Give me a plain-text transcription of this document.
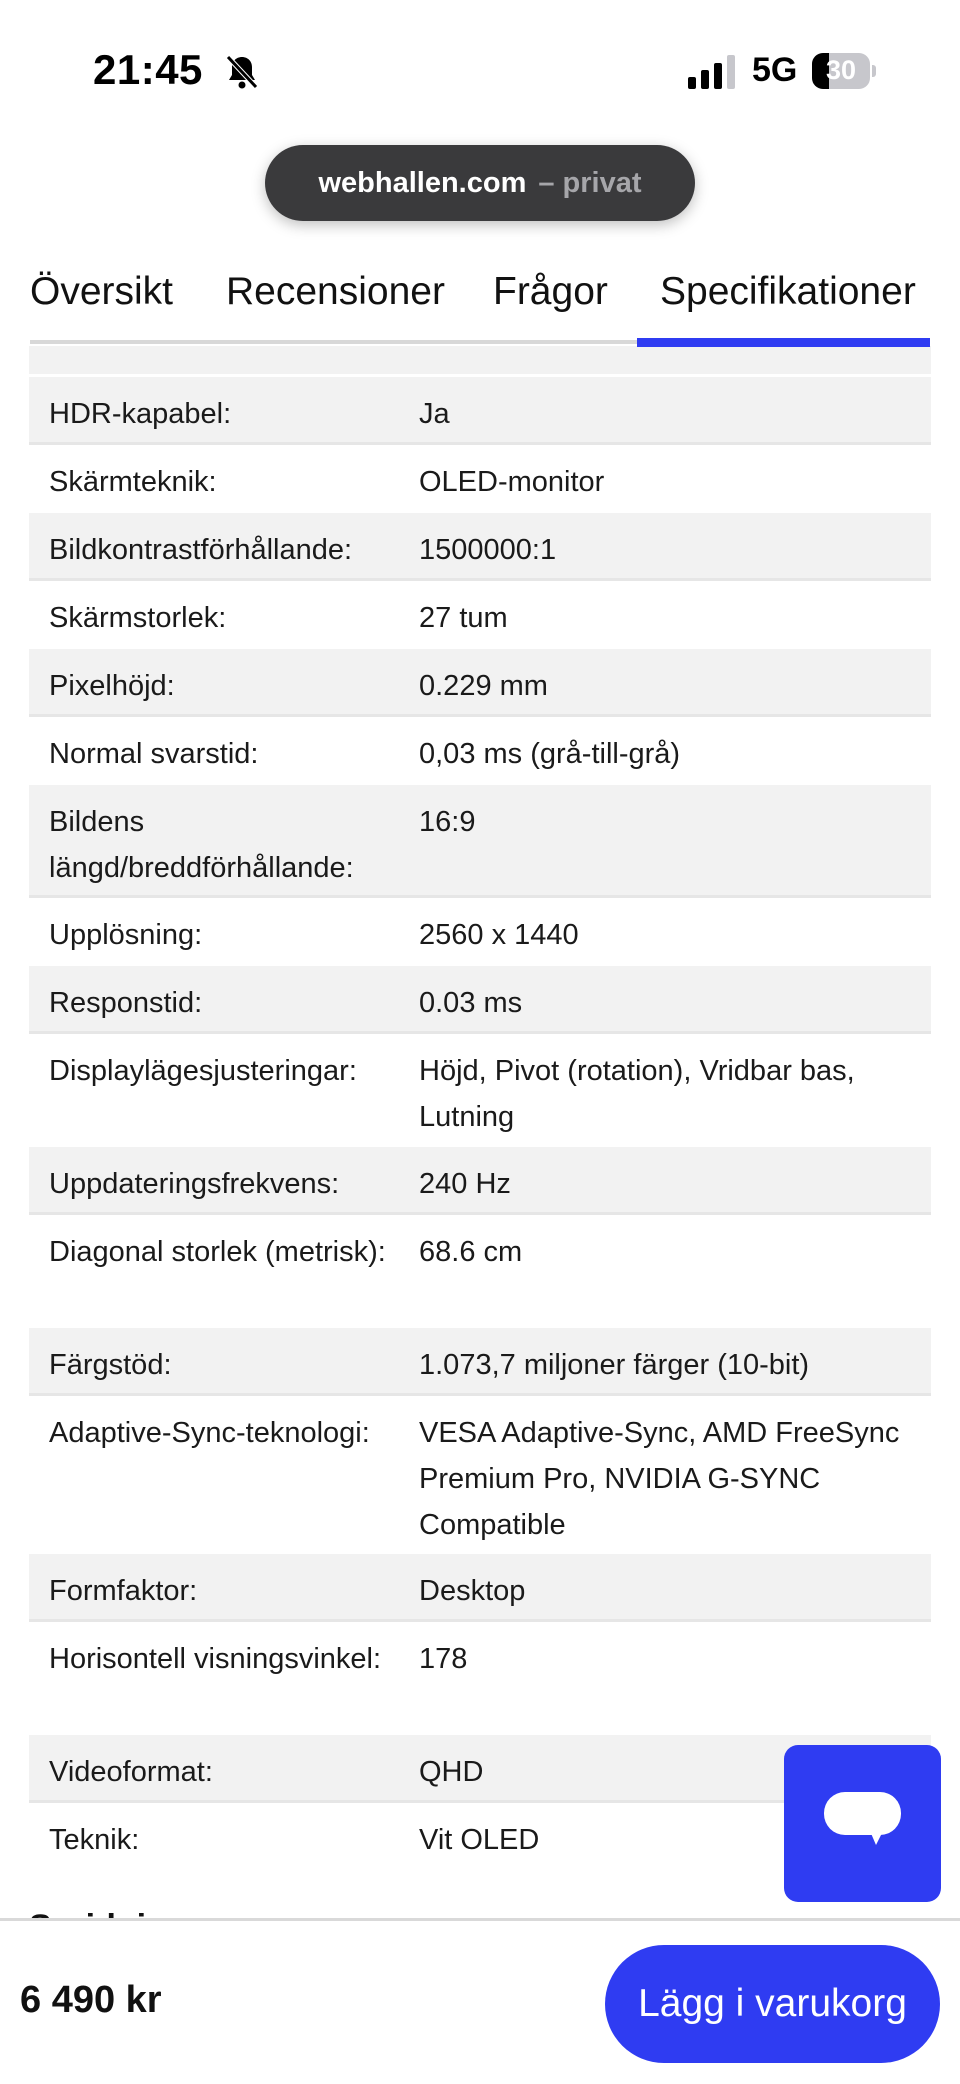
21:45	5G	30
webhallen.com – privat
HDR-kapabel:	Ja
Skärmteknik:	OLED-monitor
Bildkontrastförhållande:	1500000:1
Skärmstorlek:	27 tum
Pixelhöjd:	0.229 mm
Normal svarstid:	0,03 ms (grå-till-grå)
Bildens längd/breddförhållande:
16:9
Upplösning:	2560 x 1440
Responstid:	0.03 ms
Displaylägesjusteringar:	Höjd, Pivot (rotation), Vridbar bas, Lutning
Uppdateringsfrekvens:	240 Hz
Diagonal storlek (metrisk): 68.6 cm
Färgstöd:	1.073,7 miljoner färger (10-bit)
Adaptive-Sync-teknologi:	VESA Adaptive-Sync, AMD FreeSync Premium Pro, NVIDIA G-SYNC Compatible
Formfaktor:	Desktop
Horisontell visningsvinkel:	178
Videoformat:	QHD
Teknik:	Vit OLED
Översikt Recensioner Frågor Specifikationer
6 490 kr	Lägg i varukorg
